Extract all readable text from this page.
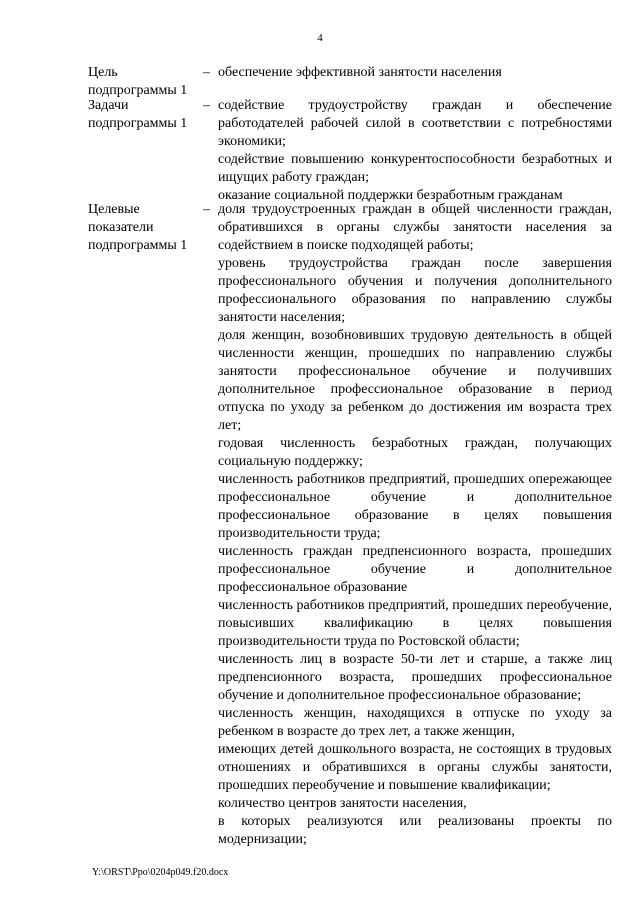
4
Цель подпрограммы 1
– обеспечение эффективной занятости населения
Задачи подпрограммы 1
– содействие трудоустройству граждан и обеспечение работодателей рабочей силой в соответствии с потребностями экономики;
содействие повышению конкурентоспособности безработных и ищущих работу граждан;
оказание социальной поддержки безработным гражданам
Целевые показатели подпрограммы 1
– доля трудоустроенных граждан в общей численности граждан, обратившихся в органы службы занятости населения за содействием в поиске подходящей работы;
уровень трудоустройства граждан после завершения профессионального обучения и получения дополнительного профессионального образования по направлению службы занятости населения;
доля женщин, возобновивших трудовую деятельность в общей численности женщин, прошедших по направлению службы занятости профессиональное обучение и получивших дополнительное профессиональное образование в период отпуска по уходу за ребенком до достижения им возраста трех лет;
годовая численность безработных граждан, получающих социальную поддержку;
численность работников предприятий, прошедших опережающее профессиональное обучение и дополнительное профессиональное образование в целях повышения производительности труда;
численность граждан предпенсионного возраста, прошедших профессиональное обучение и дополнительное профессиональное образование
численность работников предприятий, прошедших переобучение, повысивших квалификацию в целях повышения производительности труда по Ростовской области;
численность лиц в возрасте 50-ти лет и старше, а также лиц предпенсионного возраста, прошедших профессиональное обучение и дополнительное профессиональное образование;
численность женщин, находящихся в отпуске по уходу за ребенком в возрасте до трех лет, а также женщин,
имеющих детей дошкольного возраста, не состоящих в трудовых отношениях и обратившихся в органы службы занятости, прошедших переобучение и повышение квалификации;
количество центров занятости населения,
в которых реализуются или реализованы проекты по модернизации;
Y:\ORST\Ppo\0204p049.f20.docx
